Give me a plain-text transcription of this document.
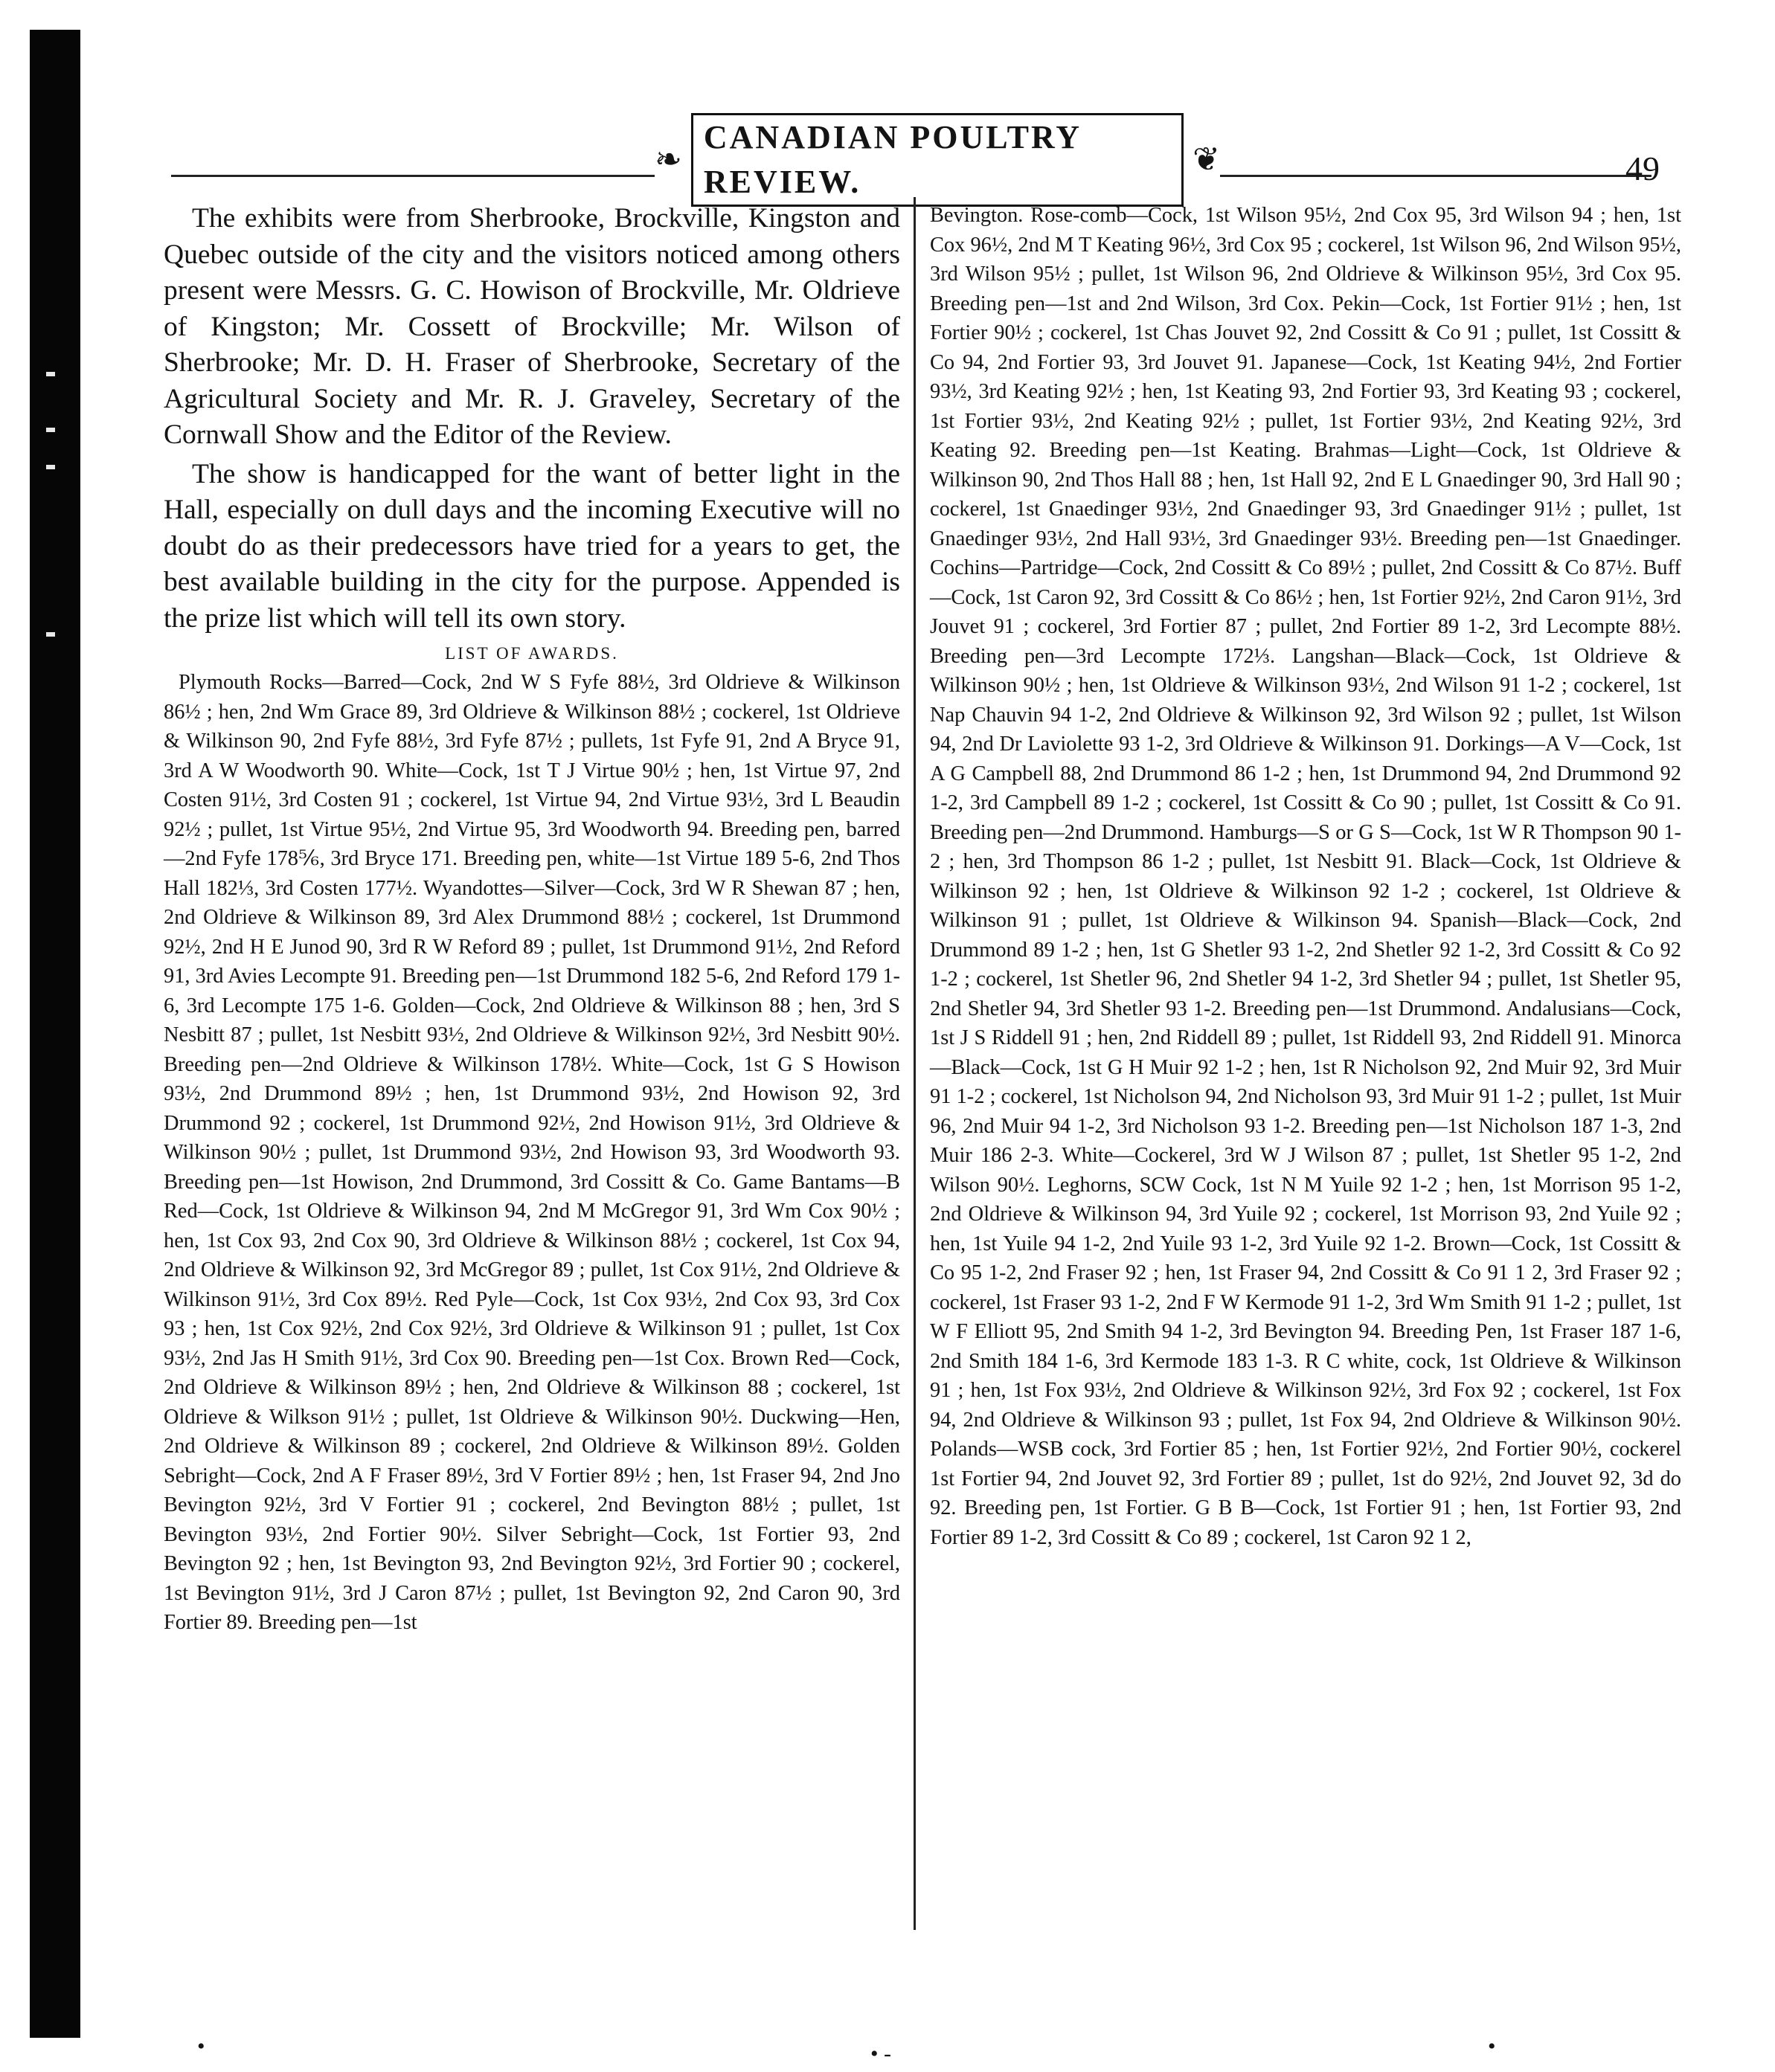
❧
CANADIAN POULTRY REVIEW.
❦	49

The exhibits were from Sherbrooke, Brockville, Kingston and Quebec outside of the city and the visitors noticed among others present were Messrs. G. C. Howison of Brockville, Mr. Oldrieve of Kingston; Mr. Cossett of Brockville; Mr. Wilson of Sherbrooke; Mr. D. H. Fraser of Sherbrooke, Secretary of the Agricultural Society and Mr. R. J. Graveley, Secretary of the Cornwall Show and the Editor of the Review.

The show is handicapped for the want of better light in the Hall, especially on dull days and the incoming Executive will no doubt do as their predecessors have tried for a years to get, the best available building in the city for the purpose. Appended is the prize list which will tell its own story.

LIST OF AWARDS.

Plymouth Rocks—Barred—Cock, 2nd W S Fyfe 88½, 3rd Oldrieve & Wilkinson 86½ ; hen, 2nd Wm Grace 89, 3rd Oldrieve & Wilkinson 88½ ; cockerel, 1st Oldrieve & Wilkinson 90, 2nd Fyfe 88½, 3rd Fyfe 87½ ; pullets, 1st Fyfe 91, 2nd A Bryce 91, 3rd A W Woodworth 90. White—Cock, 1st T J Virtue 90½ ; hen, 1st Virtue 97, 2nd Costen 91½, 3rd Costen 91 ; cockerel, 1st Virtue 94, 2nd Virtue 93½, 3rd L Beaudin 92½ ; pullet, 1st Virtue 95½, 2nd Virtue 95, 3rd Woodworth 94. Breeding pen, barred—2nd Fyfe 178⅚, 3rd Bryce 171. Breeding pen, white—1st Virtue 189 5-6, 2nd Thos Hall 182⅓, 3rd Costen 177½. Wyandottes—Silver—Cock, 3rd W R Shewan 87 ; hen, 2nd Oldrieve & Wilkinson 89, 3rd Alex Drummond 88½ ; cockerel, 1st Drummond 92½, 2nd H E Junod 90, 3rd R W Reford 89 ; pullet, 1st Drummond 91½, 2nd Reford 91, 3rd Avies Lecompte 91. Breeding pen—1st Drummond 182 5-6, 2nd Reford 179 1-6, 3rd Lecompte 175 1-6. Golden—Cock, 2nd Oldrieve & Wilkinson 88 ; hen, 3rd S Nesbitt 87 ; pullet, 1st Nesbitt 93½, 2nd Oldrieve & Wilkinson 92½, 3rd Nesbitt 90½. Breeding pen—2nd Oldrieve & Wilkinson 178½. White—Cock, 1st G S Howison 93½, 2nd Drummond 89½ ; hen, 1st Drummond 93½, 2nd Howison 92, 3rd Drummond 92 ; cockerel, 1st Drummond 92½, 2nd Howison 91½, 3rd Oldrieve & Wilkinson 90½ ; pullet, 1st Drummond 93½, 2nd Howison 93, 3rd Woodworth 93. Breeding pen—1st Howison, 2nd Drummond, 3rd Cossitt & Co. Game Bantams—B Red—Cock, 1st Oldrieve & Wilkinson 94, 2nd M McGregor 91, 3rd Wm Cox 90½ ; hen, 1st Cox 93, 2nd Cox 90, 3rd Oldrieve & Wilkinson 88½ ; cockerel, 1st Cox 94, 2nd Oldrieve & Wilkinson 92, 3rd McGregor 89 ; pullet, 1st Cox 91½, 2nd Oldrieve & Wilkinson 91½, 3rd Cox 89½. Red Pyle—Cock, 1st Cox 93½, 2nd Cox 93, 3rd Cox 93 ; hen, 1st Cox 92½, 2nd Cox 92½, 3rd Oldrieve & Wilkinson 91 ; pullet, 1st Cox 93½, 2nd Jas H Smith 91½, 3rd Cox 90. Breeding pen—1st Cox. Brown Red—Cock, 2nd Oldrieve & Wilkinson 89½ ; hen, 2nd Oldrieve & Wilkinson 88 ; cockerel, 1st Oldrieve & Wilkson 91½ ; pullet, 1st Oldrieve & Wilkinson 90½. Duckwing—Hen, 2nd Oldrieve & Wilkinson 89 ; cockerel, 2nd Oldrieve & Wilkinson 89½. Golden Sebright—Cock, 2nd A F Fraser 89½, 3rd V Fortier 89½ ; hen, 1st Fraser 94, 2nd Jno Bevington 92½, 3rd V Fortier 91 ; cockerel, 2nd Bevington 88½ ; pullet, 1st Bevington 93½, 2nd Fortier 90½. Silver Sebright—Cock, 1st Fortier 93, 2nd Bevington 92 ; hen, 1st Bevington 93, 2nd Bevington 92½, 3rd Fortier 90 ; cockerel, 1st Bevington 91½, 3rd J Caron 87½ ; pullet, 1st Bevington 92, 2nd Caron 90, 3rd Fortier 89. Breeding pen—1st

Bevington. Rose-comb—Cock, 1st Wilson 95½, 2nd Cox 95, 3rd Wilson 94 ; hen, 1st Cox 96½, 2nd M T Keating 96½, 3rd Cox 95 ; cockerel, 1st Wilson 96, 2nd Wilson 95½, 3rd Wilson 95½ ; pullet, 1st Wilson 96, 2nd Oldrieve & Wilkinson 95½, 3rd Cox 95. Breeding pen—1st and 2nd Wilson, 3rd Cox. Pekin—Cock, 1st Fortier 91½ ; hen, 1st Fortier 90½ ; cockerel, 1st Chas Jouvet 92, 2nd Cossitt & Co 91 ; pullet, 1st Cossitt & Co 94, 2nd Fortier 93, 3rd Jouvet 91. Japanese—Cock, 1st Keating 94½, 2nd Fortier 93½, 3rd Keating 92½ ; hen, 1st Keating 93, 2nd Fortier 93, 3rd Keating 93 ; cockerel, 1st Fortier 93½, 2nd Keating 92½ ; pullet, 1st Fortier 93½, 2nd Keating 92½, 3rd Keating 92. Breeding pen—1st Keating. Brahmas—Light—Cock, 1st Oldrieve & Wilkinson 90, 2nd Thos Hall 88 ; hen, 1st Hall 92, 2nd E L Gnaedinger 90, 3rd Hall 90 ; cockerel, 1st Gnaedinger 93½, 2nd Gnaedinger 93, 3rd Gnaedinger 91½ ; pullet, 1st Gnaedinger 93½, 2nd Hall 93½, 3rd Gnaedinger 93½. Breeding pen—1st Gnaedinger. Cochins—Partridge—Cock, 2nd Cossitt & Co 89½ ; pullet, 2nd Cossitt & Co 87½. Buff—Cock, 1st Caron 92, 3rd Cossitt & Co 86½ ; hen, 1st Fortier 92½, 2nd Caron 91½, 3rd Jouvet 91 ; cockerel, 3rd Fortier 87 ; pullet, 2nd Fortier 89 1-2, 3rd Lecompte 88½. Breeding pen—3rd Lecompte 172⅓. Langshan—Black—Cock, 1st Oldrieve & Wilkinson 90½ ; hen, 1st Oldrieve & Wilkinson 93½, 2nd Wilson 91 1-2 ; cockerel, 1st Nap Chauvin 94 1-2, 2nd Oldrieve & Wilkinson 92, 3rd Wilson 92 ; pullet, 1st Wilson 94, 2nd Dr Laviolette 93 1-2, 3rd Oldrieve & Wilkinson 91. Dorkings—A V—Cock, 1st A G Campbell 88, 2nd Drummond 86 1-2 ; hen, 1st Drummond 94, 2nd Drummond 92 1-2, 3rd Campbell 89 1-2 ; cockerel, 1st Cossitt & Co 90 ; pullet, 1st Cossitt & Co 91. Breeding pen—2nd Drummond. Hamburgs—S or G S—Cock, 1st W R Thompson 90 1-2 ; hen, 3rd Thompson 86 1-2 ; pullet, 1st Nesbitt 91. Black—Cock, 1st Oldrieve & Wilkinson 92 ; hen, 1st Oldrieve & Wilkinson 92 1-2 ; cockerel, 1st Oldrieve & Wilkinson 91 ; pullet, 1st Oldrieve & Wilkinson 94. Spanish—Black—Cock, 2nd Drummond 89 1-2 ; hen, 1st G Shetler 93 1-2, 2nd Shetler 92 1-2, 3rd Cossitt & Co 92 1-2 ; cockerel, 1st Shetler 96, 2nd Shetler 94 1-2, 3rd Shetler 94 ; pullet, 1st Shetler 95, 2nd Shetler 94, 3rd Shetler 93 1-2. Breeding pen—1st Drummond. Andalusians—Cock, 1st J S Riddell 91 ; hen, 2nd Riddell 89 ; pullet, 1st Riddell 93, 2nd Riddell 91. Minorca—Black—Cock, 1st G H Muir 92 1-2 ; hen, 1st R Nicholson 92, 2nd Muir 92, 3rd Muir 91 1-2 ; cockerel, 1st Nicholson 94, 2nd Nicholson 93, 3rd Muir 91 1-2 ; pullet, 1st Muir 96, 2nd Muir 94 1-2, 3rd Nicholson 93 1-2. Breeding pen—1st Nicholson 187 1-3, 2nd Muir 186 2-3. White—Cockerel, 3rd W J Wilson 87 ; pullet, 1st Shetler 95 1-2, 2nd Wilson 90½. Leghorns, SCW Cock, 1st N M Yuile 92 1-2 ; hen, 1st Morrison 95 1-2, 2nd Oldrieve & Wilkinson 94, 3rd Yuile 92 ; cockerel, 1st Morrison 93, 2nd Yuile 92 ; hen, 1st Yuile 94 1-2, 2nd Yuile 93 1-2, 3rd Yuile 92 1-2. Brown—Cock, 1st Cossitt & Co 95 1-2, 2nd Fraser 92 ; hen, 1st Fraser 94, 2nd Cossitt & Co 91 1 2, 3rd Fraser 92 ; cockerel, 1st Fraser 93 1-2, 2nd F W Kermode 91 1-2, 3rd Wm Smith 91 1-2 ; pullet, 1st W F Elliott 95, 2nd Smith 94 1-2, 3rd Bevington 94. Breeding Pen, 1st Fraser 187 1-6, 2nd Smith 184 1-6, 3rd Kermode 183 1-3. R C white, cock, 1st Oldrieve & Wilkinson 91 ; hen, 1st Fox 93½, 2nd Oldrieve & Wilkinson 92½, 3rd Fox 92 ; cockerel, 1st Fox 94, 2nd Oldrieve & Wilkinson 93 ; pullet, 1st Fox 94, 2nd Oldrieve & Wilkinson 90½. Polands—WSB cock, 3rd Fortier 85 ; hen, 1st Fortier 92½, 2nd Fortier 90½, cockerel 1st Fortier 94, 2nd Jouvet 92, 3rd Fortier 89 ; pullet, 1st do 92½, 2nd Jouvet 92, 3d do 92. Breeding pen, 1st Fortier. G B B—Cock, 1st Fortier 91 ; hen, 1st Fortier 93, 2nd Fortier 89 1-2, 3rd Cossitt & Co 89 ; cockerel, 1st Caron 92 1 2,

•	• -	•
